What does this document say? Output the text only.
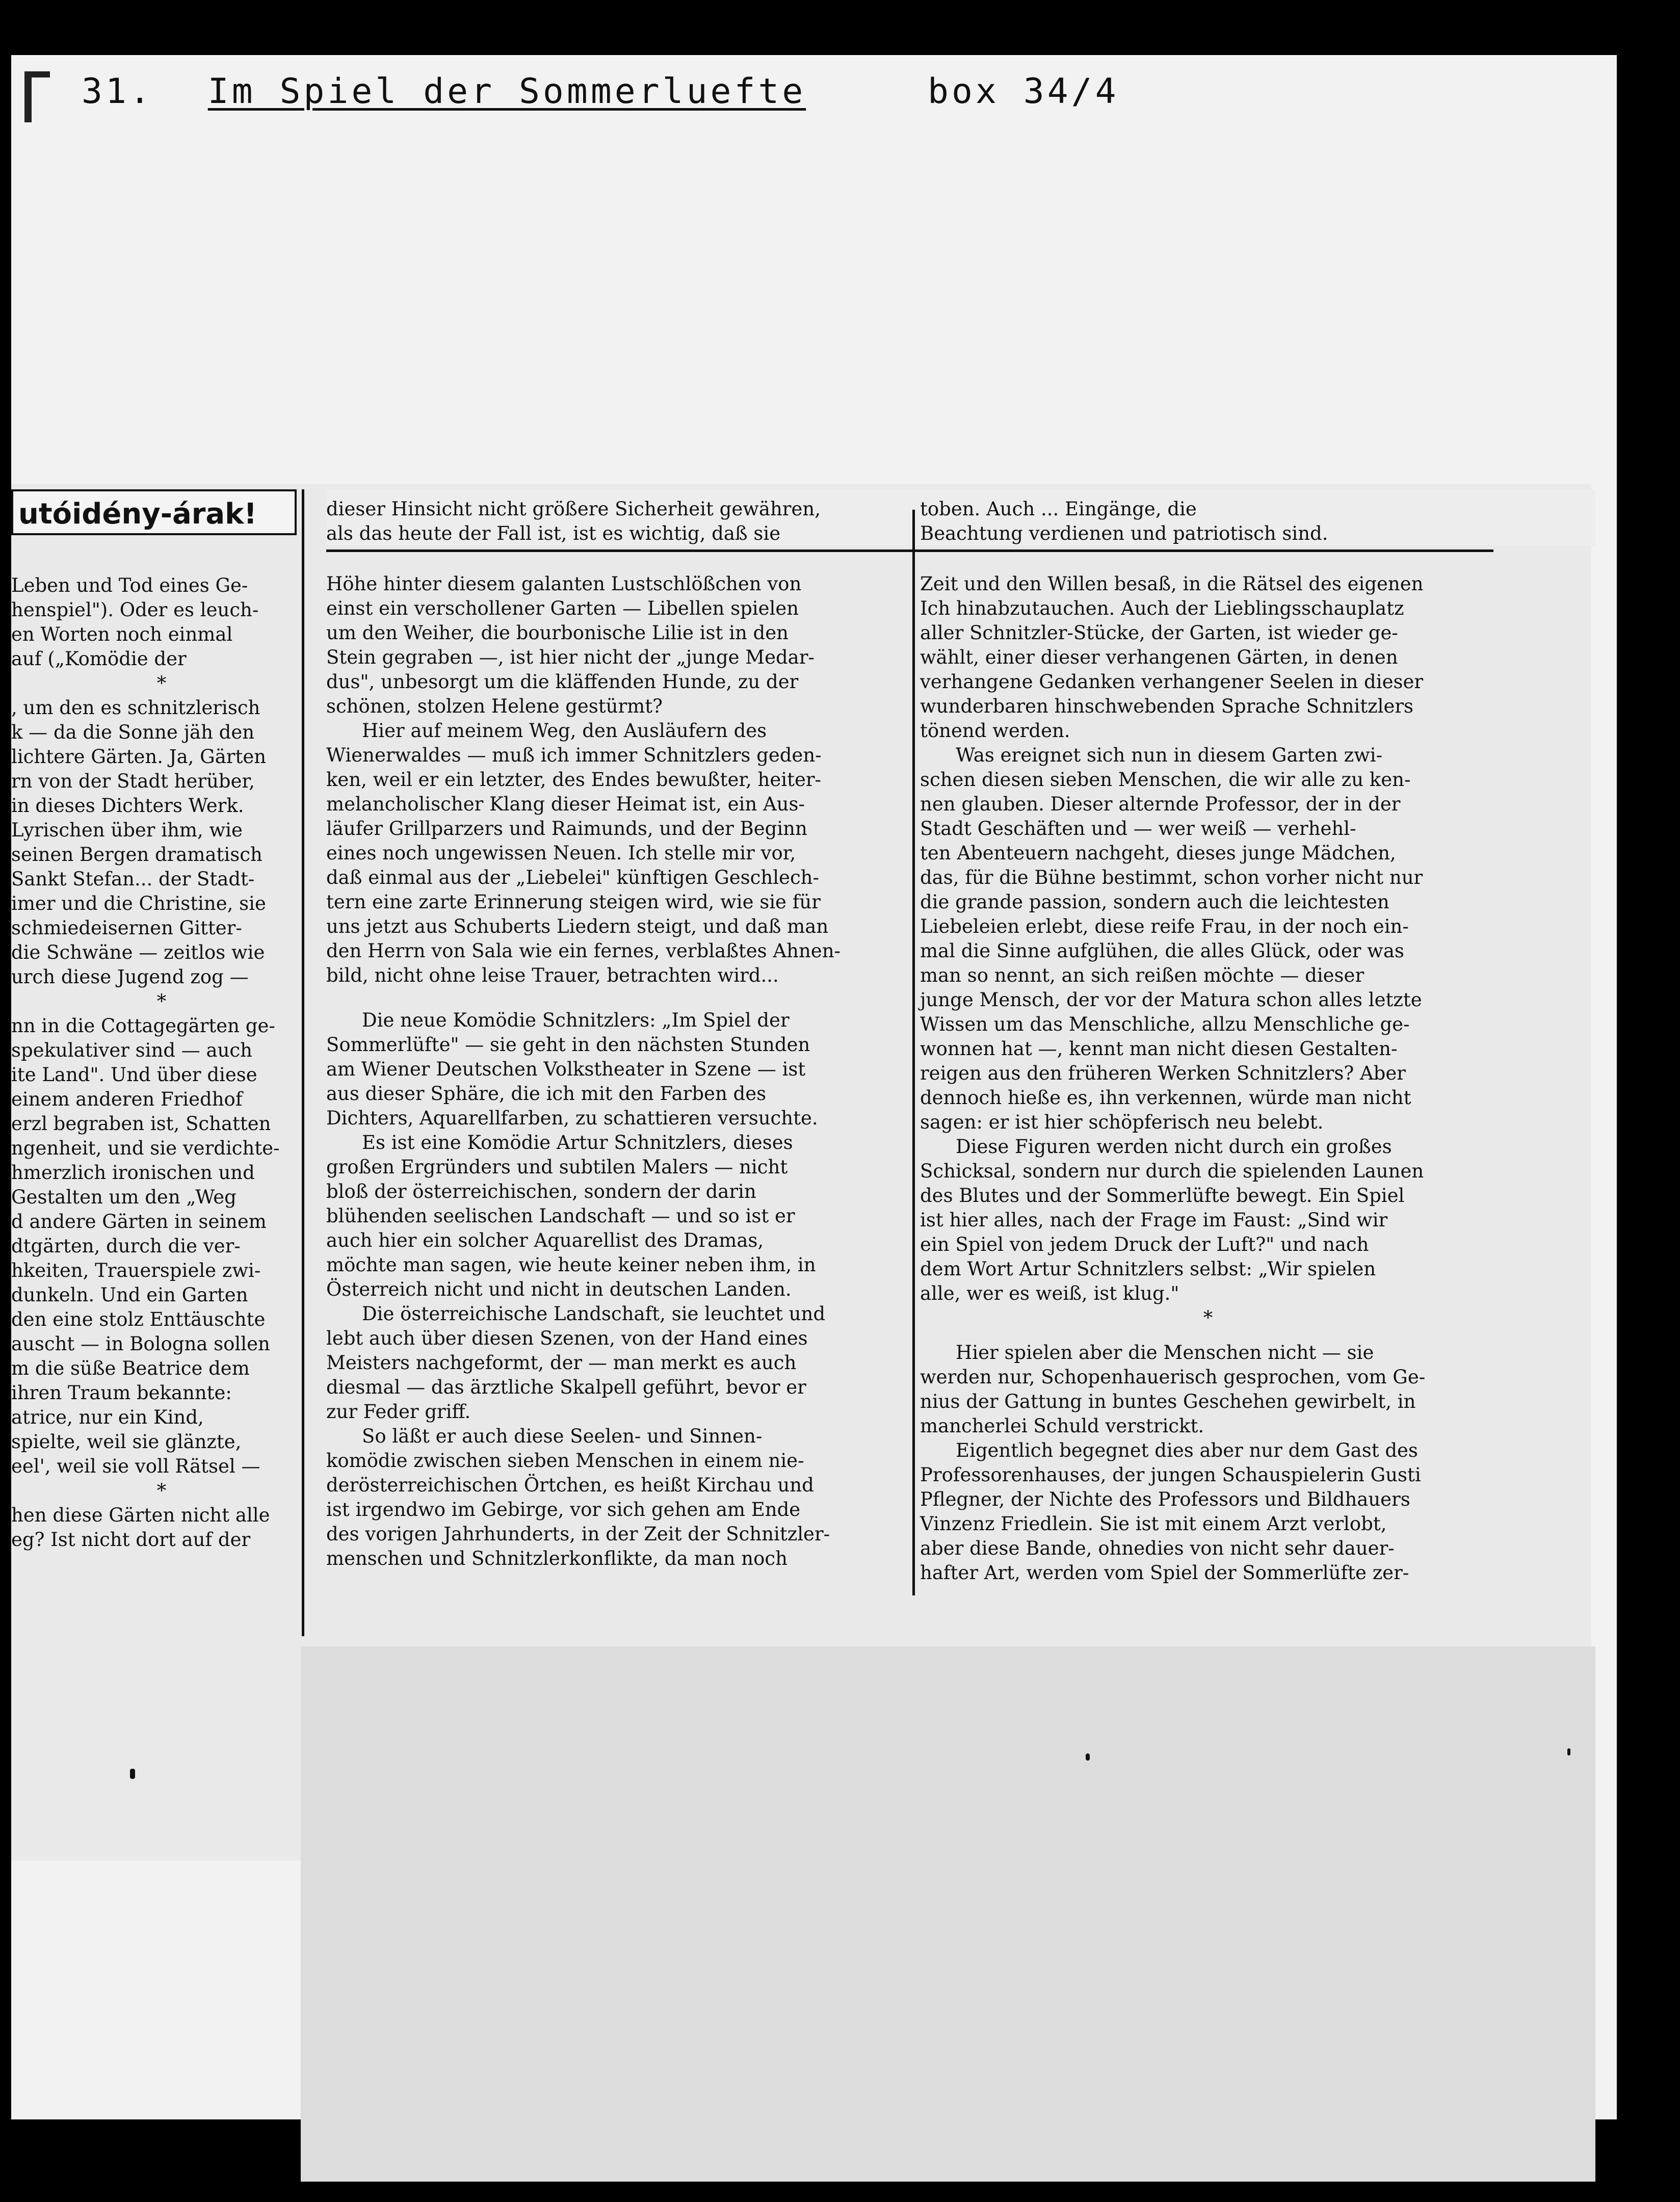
31. Im Spiel der Sommerluefte	box 34/4
utóidény-árak!
Leben und Tod eines Ge-
henspiel"). Oder es leuch-
en Worten noch einmal
auf („Komödie der
*
, um den es schnitzlerisch
k — da die Sonne jäh den
lichtere Gärten. Ja, Gärten
rn von der Stadt herüber,
in dieses Dichters Werk.
Lyrischen über ihm, wie
seinen Bergen dramatisch
Sankt Stefan... der Stadt-
imer und die Christine, sie
schmiedeisernen Gitter-
die Schwäne — zeitlos wie
urch diese Jugend zog —
*
nn in die Cottagegärten ge-
spekulativer sind — auch
ite Land". Und über diese
einem anderen Friedhof
erzl begraben ist, Schatten
ngenheit, und sie verdichte-
hmerzlich ironischen und
Gestalten um den „Weg
d andere Gärten in seinem
dtgärten, durch die ver-
hkeiten, Trauerspiele zwi-
dunkeln. Und ein Garten
den eine stolz Enttäuschte
auscht — in Bologna sollen
m die süße Beatrice dem
ihren Traum bekannte:
atrice, nur ein Kind,
spielte, weil sie glänzte,
eel', weil sie voll Rätsel —
*
hen diese Gärten nicht alle
eg? Ist nicht dort auf der
dieser Hinsicht nicht größere Sicherheit gewähren,
als das heute der Fall ist, ist es wichtig, daß sie
Höhe hinter diesem galanten Lustschlößchen von
einst ein verschollener Garten — Libellen spielen
um den Weiher, die bourbonische Lilie ist in den
Stein gegraben —, ist hier nicht der „junge Medar-
dus", unbesorgt um die kläffenden Hunde, zu der
schönen, stolzen Helene gestürmt?
Hier auf meinem Weg, den Ausläufern des
Wienerwaldes — muß ich immer Schnitzlers geden-
ken, weil er ein letzter, des Endes bewußter, heiter-
melancholischer Klang dieser Heimat ist, ein Aus-
läufer Grillparzers und Raimunds, und der Beginn
eines noch ungewissen Neuen. Ich stelle mir vor,
daß einmal aus der „Liebelei" künftigen Geschlech-
tern eine zarte Erinnerung steigen wird, wie sie für
uns jetzt aus Schuberts Liedern steigt, und daß man
den Herrn von Sala wie ein fernes, verblaßtes Ahnen-
bild, nicht ohne leise Trauer, betrachten wird...
Die neue Komödie Schnitzlers: „Im Spiel der
Sommerlüfte" — sie geht in den nächsten Stunden
am Wiener Deutschen Volkstheater in Szene — ist
aus dieser Sphäre, die ich mit den Farben des
Dichters, Aquarellfarben, zu schattieren versuchte.
Es ist eine Komödie Artur Schnitzlers, dieses
großen Ergründers und subtilen Malers — nicht
bloß der österreichischen, sondern der darin
blühenden seelischen Landschaft — und so ist er
auch hier ein solcher Aquarellist des Dramas,
möchte man sagen, wie heute keiner neben ihm, in
Österreich nicht und nicht in deutschen Landen.
Die österreichische Landschaft, sie leuchtet und
lebt auch über diesen Szenen, von der Hand eines
Meisters nachgeformt, der — man merkt es auch
diesmal — das ärztliche Skalpell geführt, bevor er
zur Feder griff.
So läßt er auch diese Seelen- und Sinnen-
komödie zwischen sieben Menschen in einem nie-
derösterreichischen Örtchen, es heißt Kirchau und
ist irgendwo im Gebirge, vor sich gehen am Ende
des vorigen Jahrhunderts, in der Zeit der Schnitzler-
menschen und Schnitzlerkonflikte, da man noch
toben. Auch ... Eingänge, die
Beachtung verdienen und patriotisch sind.
Zeit und den Willen besaß, in die Rätsel des eigenen
Ich hinabzutauchen. Auch der Lieblingsschauplatz
aller Schnitzler-Stücke, der Garten, ist wieder ge-
wählt, einer dieser verhangenen Gärten, in denen
verhangene Gedanken verhangener Seelen in dieser
wunderbaren hinschwebenden Sprache Schnitzlers
tönend werden.
Was ereignet sich nun in diesem Garten zwi-
schen diesen sieben Menschen, die wir alle zu ken-
nen glauben. Dieser alternde Professor, der in der
Stadt Geschäften und — wer weiß — verhehl-
ten Abenteuern nachgeht, dieses junge Mädchen,
das, für die Bühne bestimmt, schon vorher nicht nur
die grande passion, sondern auch die leichtesten
Liebeleien erlebt, diese reife Frau, in der noch ein-
mal die Sinne aufglühen, die alles Glück, oder was
man so nennt, an sich reißen möchte — dieser
junge Mensch, der vor der Matura schon alles letzte
Wissen um das Menschliche, allzu Menschliche ge-
wonnen hat —, kennt man nicht diesen Gestalten-
reigen aus den früheren Werken Schnitzlers? Aber
dennoch hieße es, ihn verkennen, würde man nicht
sagen: er ist hier schöpferisch neu belebt.
Diese Figuren werden nicht durch ein großes
Schicksal, sondern nur durch die spielenden Launen
des Blutes und der Sommerlüfte bewegt. Ein Spiel
ist hier alles, nach der Frage im Faust: „Sind wir
ein Spiel von jedem Druck der Luft?" und nach
dem Wort Artur Schnitzlers selbst: „Wir spielen
alle, wer es weiß, ist klug."
*
Hier spielen aber die Menschen nicht — sie
werden nur, Schopenhauerisch gesprochen, vom Ge-
nius der Gattung in buntes Geschehen gewirbelt, in
mancherlei Schuld verstrickt.
Eigentlich begegnet dies aber nur dem Gast des
Professorenhauses, der jungen Schauspielerin Gusti
Pflegner, der Nichte des Professors und Bildhauers
Vinzenz Friedlein. Sie ist mit einem Arzt verlobt,
aber diese Bande, ohnedies von nicht sehr dauer-
hafter Art, werden vom Spiel der Sommerlüfte zer-
